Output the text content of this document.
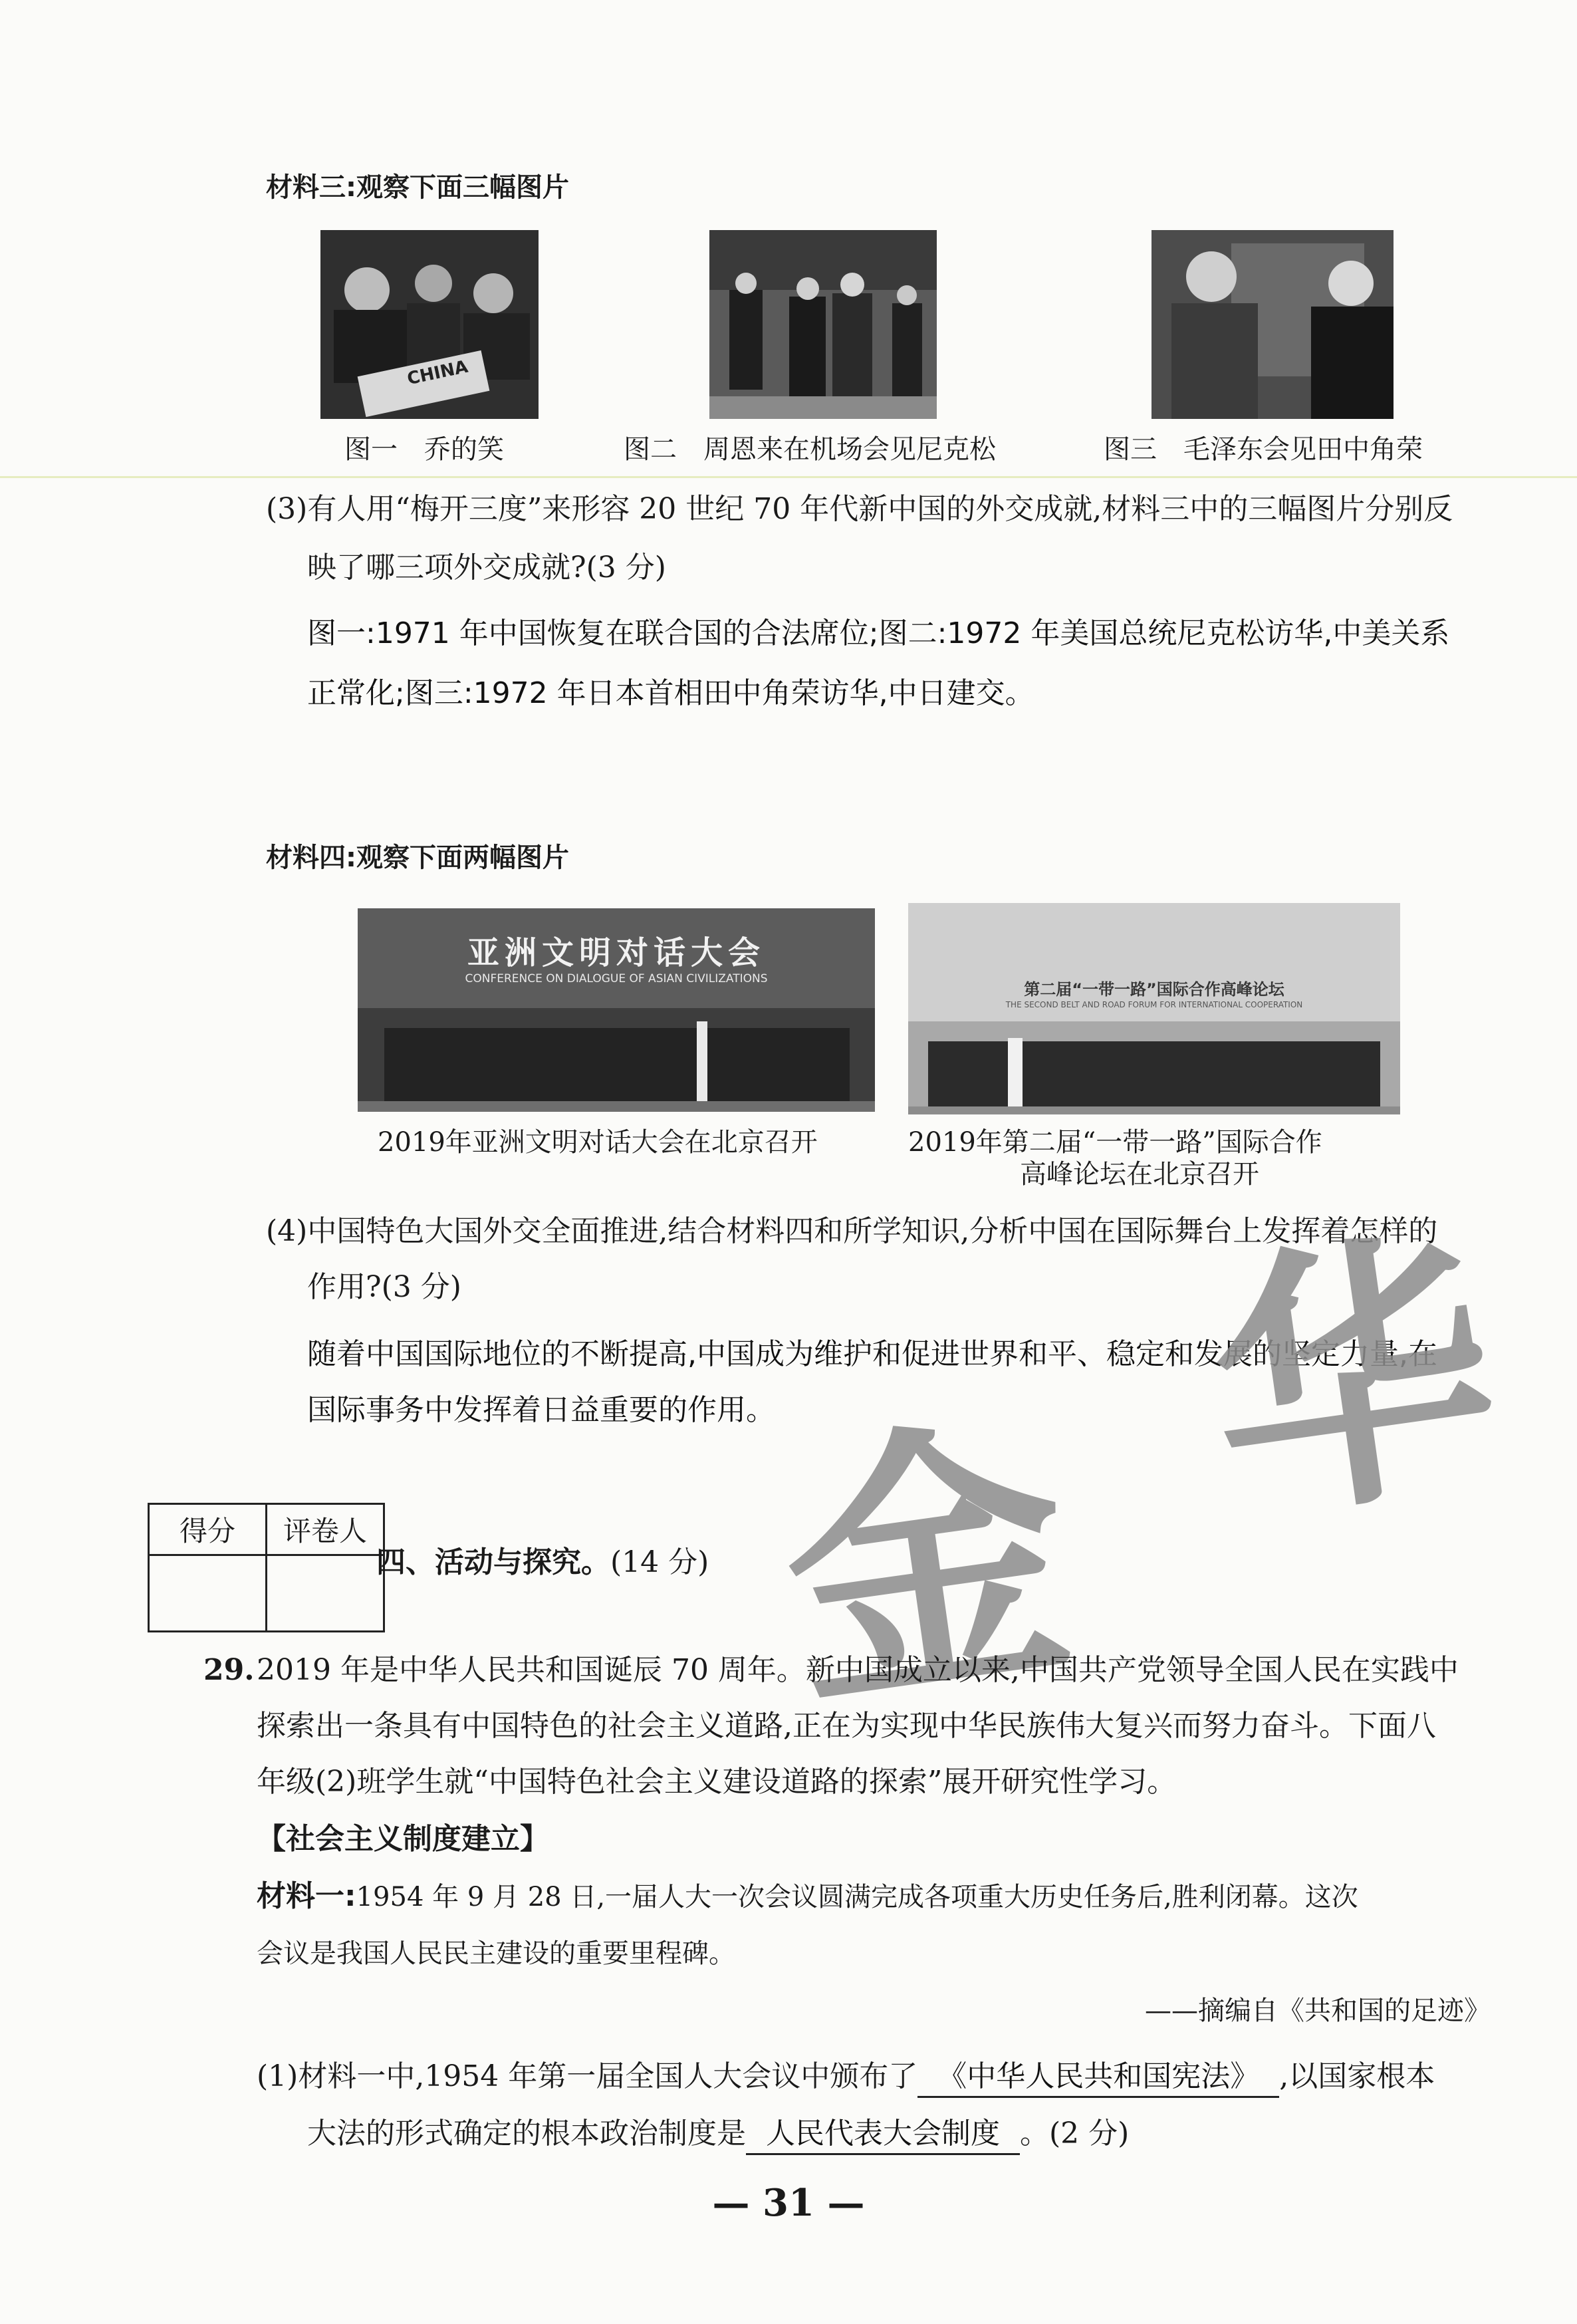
材料三:观察下面三幅图片
CHINA
图一　乔的笑	图二　周恩来在机场会见尼克松	图三　毛泽东会见田中角荣
(3)有人用“梅开三度”来形容 20 世纪 70 年代新中国的外交成就,材料三中的三幅图片分别反
映了哪三项外交成就?(3 分)
图一:1971 年中国恢复在联合国的合法席位;图二:1972 年美国总统尼克松访华,中美关系
正常化;图三:1972 年日本首相田中角荣访华,中日建交。
材料四:观察下面两幅图片
亚洲文明对话大会
CONFERENCE ON DIALOGUE OF ASIAN CIVILIZATIONS
第二届“一带一路”国际合作高峰论坛
THE SECOND BELT AND ROAD FORUM FOR INTERNATIONAL COOPERATION
2019年亚洲文明对话大会在北京召开	2019年第二届“一带一路”国际合作
高峰论坛在北京召开
(4)中国特色大国外交全面推进,结合材料四和所学知识,分析中国在国际舞台上发挥着怎样的
作用?(3 分)
随着中国国际地位的不断提高,中国成为维护和促进世界和平、稳定和发展的坚定力量,在
国际事务中发挥着日益重要的作用。
金
华
得分	评卷人

四、活动与探究。(14 分)
29. 2019 年是中华人民共和国诞辰 70 周年。新中国成立以来,中国共产党领导全国人民在实践中
探索出一条具有中国特色的社会主义道路,正在为实现中华民族伟大复兴而努力奋斗。下面八
年级(2)班学生就“中国特色社会主义建设道路的探索”展开研究性学习。
【社会主义制度建立】
材料一:1954 年 9 月 28 日,一届人大一次会议圆满完成各项重大历史任务后,胜利闭幕。这次
会议是我国人民民主建设的重要里程碑。
——摘编自《共和国的足迹》
(1)材料一中,1954 年第一届全国人大会议中颁布了 《中华人民共和国宪法》 ,以国家根本
大法的形式确定的根本政治制度是 人民代表大会制度 。(2 分)
— 31 —
